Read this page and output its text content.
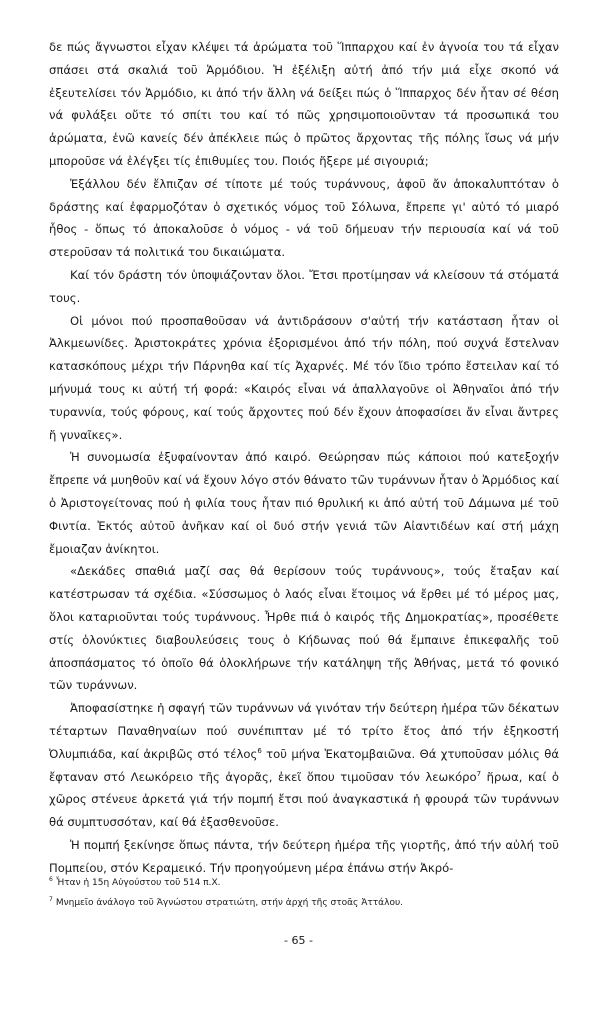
δε πώς ἄγνωστοι εἶχαν κλέψει τά ἀρώματα τοῦ Ἵππαρχου καί ἐν ἀγνοία του τά εἶχαν σπάσει στά σκαλιά τοῦ Ἁρμόδιου. Ἡ ἐξέλιξη αὐτή ἀπό τήν μιά εἶχε σκοπό νά ἐξευτελίσει τόν Ἁρμόδιο, κι ἀπό τήν ἄλλη νά δείξει πώς ὁ Ἵππαρχος δέν ἦταν σέ θέση νά φυλάξει οὔτε τό σπίτι του καί τό πῶς χρησιμοποιοῦνταν τά προσωπικά του ἀρώματα, ἐνῶ κανείς δέν ἀπέκλειε πώς ὁ πρῶτος ἄρχοντας τῆς πόλης ἴσως νά μήν μποροῦσε νά ἐλέγξει τίς ἐπιθυμίες του. Ποιός ἤξερε μέ σιγουριά;

Ἐξάλλου δέν ἔλπιζαν σέ τίποτε μέ τούς τυράννους, ἀφοῦ ἄν ἀποκαλυπτόταν ὁ δράστης καί ἐφαρμοζόταν ὁ σχετικός νόμος τοῦ Σόλωνα, ἔπρεπε γι' αὐτό τό μιαρό ἦθος - ὅπως τό ἀποκαλοῦσε ὁ νόμος - νά τοῦ δήμευαν τήν περιουσία καί νά τοῦ στεροῦσαν τά πολιτικά του δικαιώματα.

Καί τόν δράστη τόν ὑποψιάζονταν ὅλοι. Ἔτσι προτίμησαν νά κλείσουν τά στόματά τους.

Οἱ μόνοι πού προσπαθοῦσαν νά ἀντιδράσουν σ'αὐτή τήν κατάσταση ἦταν οἱ Ἀλκμεωνίδες. Ἀριστοκράτες χρόνια ἐξορισμένοι ἀπό τήν πόλη, πού συχνά ἔστελναν κατασκόπους μέχρι τήν Πάρνηθα καί τίς Ἀχαρνές. Μέ τόν ἴδιο τρόπο ἔστειλαν καί τό μήνυμά τους κι αὐτή τή φορά: «Καιρός εἶναι νά ἀπαλλαγοῦνε οἱ Ἀθηναῖοι ἀπό τήν τυραννία, τούς φόρους, καί τούς ἄρχοντες πού δέν ἔχουν ἀποφασίσει ἄν εἶναι ἄντρες ἤ γυναῖκες».

Ἡ συνομωσία ἐξυφαίνονταν ἀπό καιρό. Θεώρησαν πώς κάποιοι πού κατεξοχήν ἔπρεπε νά μυηθοῦν καί νά ἔχουν λόγο στόν θάνατο τῶν τυράννων ἦταν ὁ Ἁρμόδιος καί ὁ Ἀριστογείτονας πού ἡ φιλία τους ἦταν πιό θρυλική κι ἀπό αὐτή τοῦ Δάμωνα μέ τοῦ Φιντία. Ἐκτός αὐτοῦ ἀνῆκαν καί οἱ δυό στήν γενιά τῶν Αἰαντιδέων καί στή μάχη ἔμοιαζαν ἀνίκητοι.

«Δεκάδες σπαθιά μαζί σας θά θερίσουν τούς τυράννους», τούς ἔταξαν καί κατέστρωσαν τά σχέδια. «Σύσσωμος ὁ λαός εἶναι ἕτοιμος νά ἔρθει μέ τό μέρος μας, ὅλοι καταριοῦνται τούς τυράννους. Ἦρθε πιά ὁ καιρός τῆς Δημοκρατίας», προσέθετε στίς ὁλονύκτιες διαβουλεύσεις τους ὁ Κήδωνας πού θά ἔμπαινε ἐπικεφαλῆς τοῦ ἀποσπάσματος τό ὁποῖο θά ὁλοκλήρωνε τήν κατάληψη τῆς Ἀθήνας, μετά τό φονικό τῶν τυράννων.

Ἀποφασίστηκε ἡ σφαγή τῶν τυράννων νά γινόταν τήν δεύτερη ἡμέρα τῶν δέκατων τέταρτων Παναθηναίων πού συνέπιπταν μέ τό τρίτο ἔτος ἀπό τήν ἑξηκοστή Ὀλυμπιάδα, καί ἀκριβῶς στό τέλος$^6$ τοῦ μήνα Ἑκατομβαιῶνα. Θά χτυποῦσαν μόλις θά ἔφταναν στό Λεωκόρειο τῆς ἀγορᾶς, ἐκεῖ ὅπου τιμοῦσαν τόν λεωκόρο$^7$ ἥρωα, καί ὁ χῶρος στένευε ἀρκετά γιά τήν πομπή ἔτσι πού ἀναγκαστικά ἡ φρουρά τῶν τυράννων θά συμπτυσσόταν, καί θά ἐξασθενοῦσε.

Ἡ πομπή ξεκίνησε ὅπως πάντα, τήν δεύτερη ἡμέρα τῆς γιορτῆς, ἀπό τήν αὐλή τοῦ Πομπείου, στόν Κεραμεικό. Τήν προηγούμενη μέρα ἐπάνω στήν Ἀκρό-

$^6$ Ἦταν ἡ 15η Αὐγούστου τοῦ 514 π.Χ.

$^7$ Μνημεῖο ἀνάλογο τοῦ Ἀγνώστου στρατιώτη, στήν ἀρχή τῆς στοᾶς Ἀττάλου.

- 65 -
